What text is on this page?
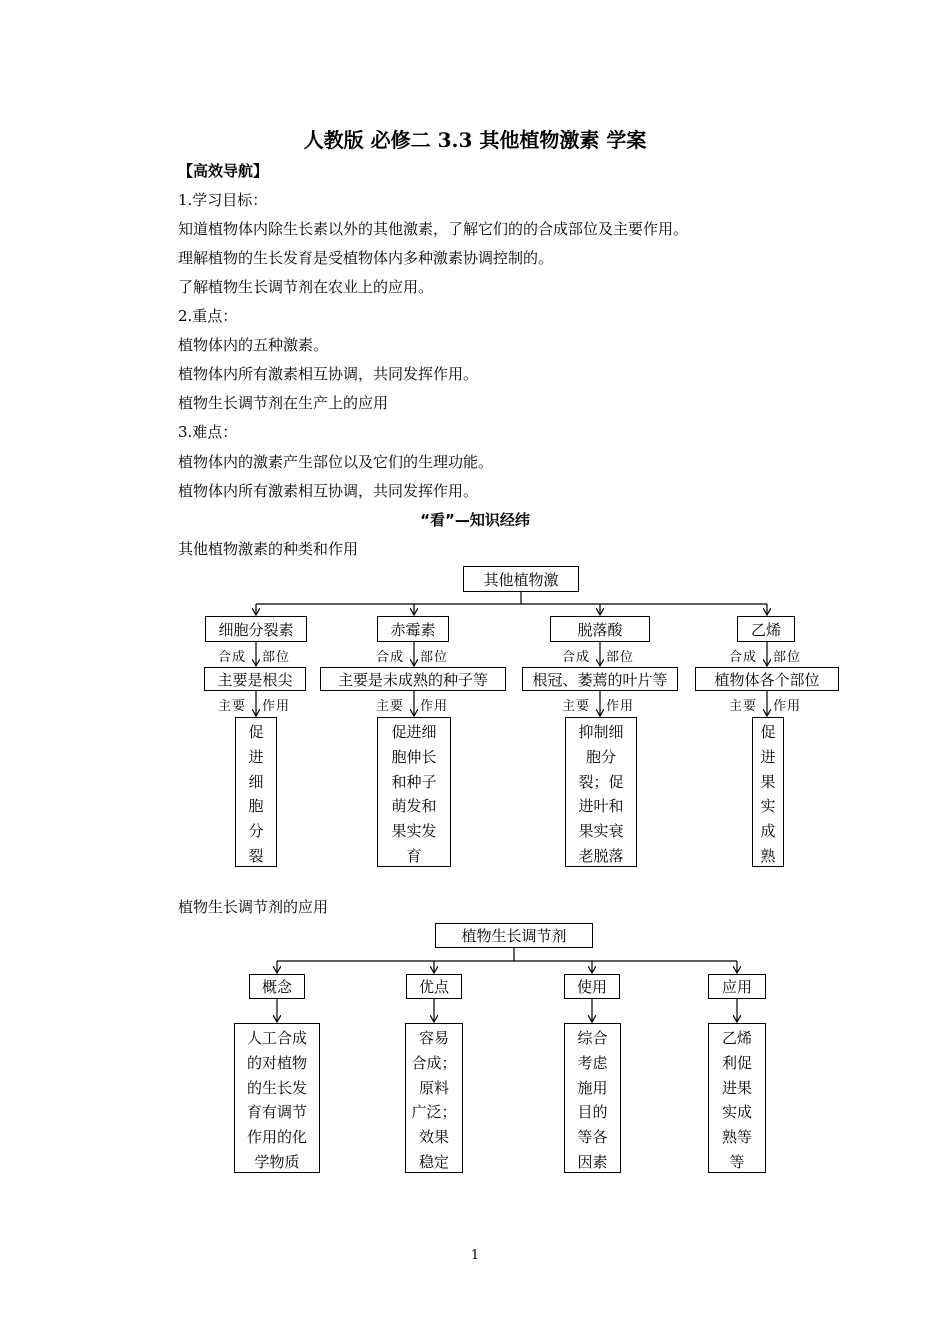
人教版 必修二 3.3 其他植物激素 学案
【高效导航】
1.学习目标：
知道植物体内除生长素以外的其他激素，了解它们的的合成部位及主要作用。
理解植物的生长发育是受植物体内多种激素协调控制的。
了解植物生长调节剂在农业上的应用。
2.重点：
植物体内的五种激素。
植物体内所有激素相互协调，共同发挥作用。
植物生长调节剂在生产上的应用
3.难点：
植物体内的激素产生部位以及它们的生理功能。
植物体内所有激素相互协调，共同发挥作用。
“看”—知识经纬
其他植物激素的种类和作用
其他植物激
细胞分裂素	赤霉素	脱落酸	乙烯
合成 部位	合成 部位	合成 部位	合成 部位
主要是根尖	主要是未成熟的种子等	根冠、萎蔫的叶片等	植物体各个部位
主要 作用	主要 作用	主要 作用	主要 作用
促
进
细
胞
分
裂
促进细
胞伸长
和种子
萌发和
果实发
育
抑制细
胞分
裂；促
进叶和
果实衰
老脱落
促
进
果
实
成
熟
植物生长调节剂的应用
植物生长调节剂
概念	优点	使用	应用
人工合成
的对植物
的生长发
育有调节
作用的化
学物质
容易
合成；
原料
广泛；
效果
稳定
综合
考虑
施用
目的
等各
因素
乙烯
利促
进果
实成
熟等
等
1
